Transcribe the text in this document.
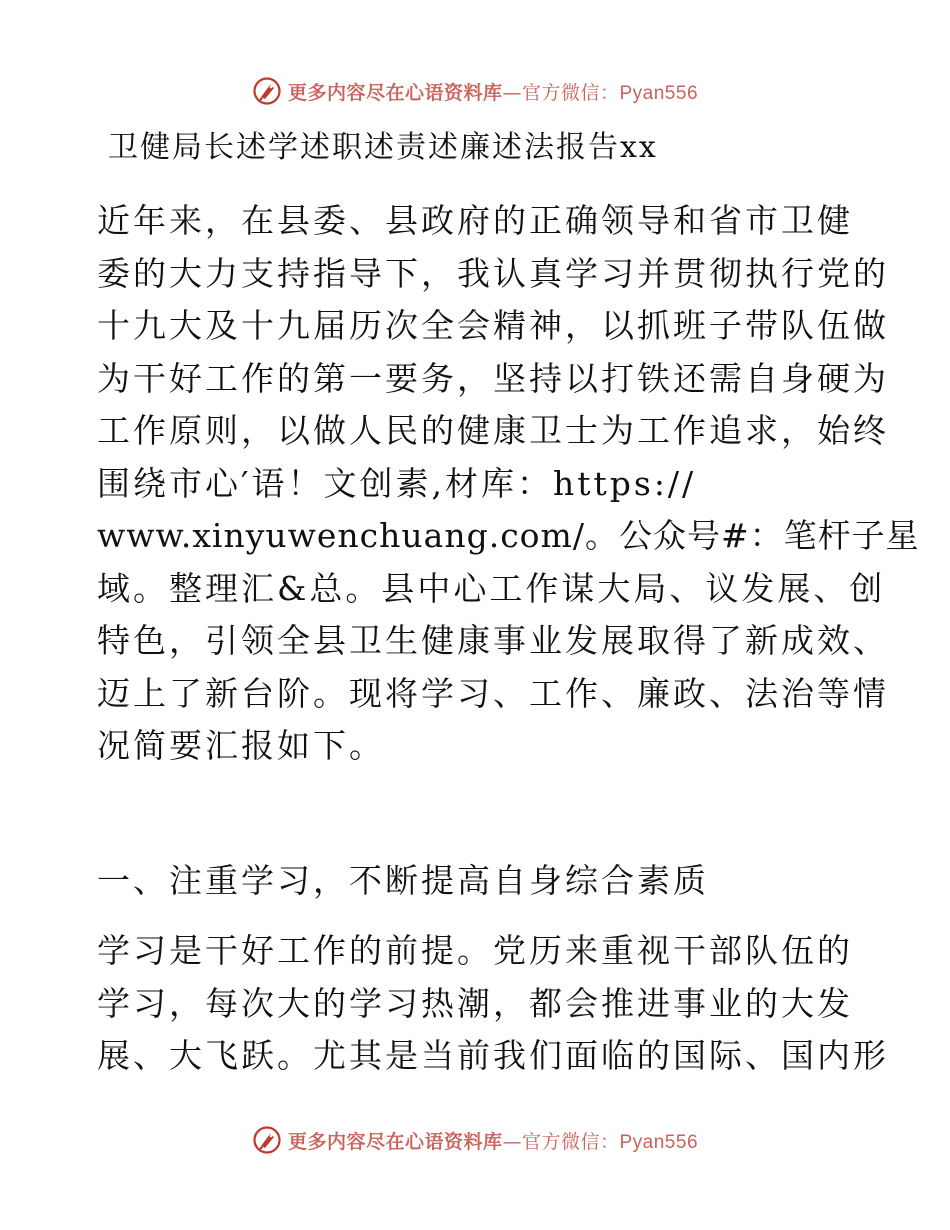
更多内容尽在心语资料库—官方微信：Pyan556
卫健局长述学述职述责述廉述法报告xx
近年来，在县委、县政府的正确领导和省市卫健
委的大力支持指导下，我认真学习并贯彻执行党的
十九大及十九届历次全会精神，以抓班子带队伍做
为干好工作的第一要务，坚持以打铁还需自身硬为
工作原则，以做人民的健康卫士为工作追求，始终
围绕市心′语！文创素,材库：https://
www.xinyuwenchuang.com/。公众号#：笔杆子星
域。整理汇&总。县中心工作谋大局、议发展、创
特色，引领全县卫生健康事业发展取得了新成效、
迈上了新台阶。现将学习、工作、廉政、法治等情
况简要汇报如下。
一、注重学习，不断提高自身综合素质
学习是干好工作的前提。党历来重视干部队伍的
学习，每次大的学习热潮，都会推进事业的大发
展、大飞跃。尤其是当前我们面临的国际、国内形
更多内容尽在心语资料库—官方微信：Pyan556
